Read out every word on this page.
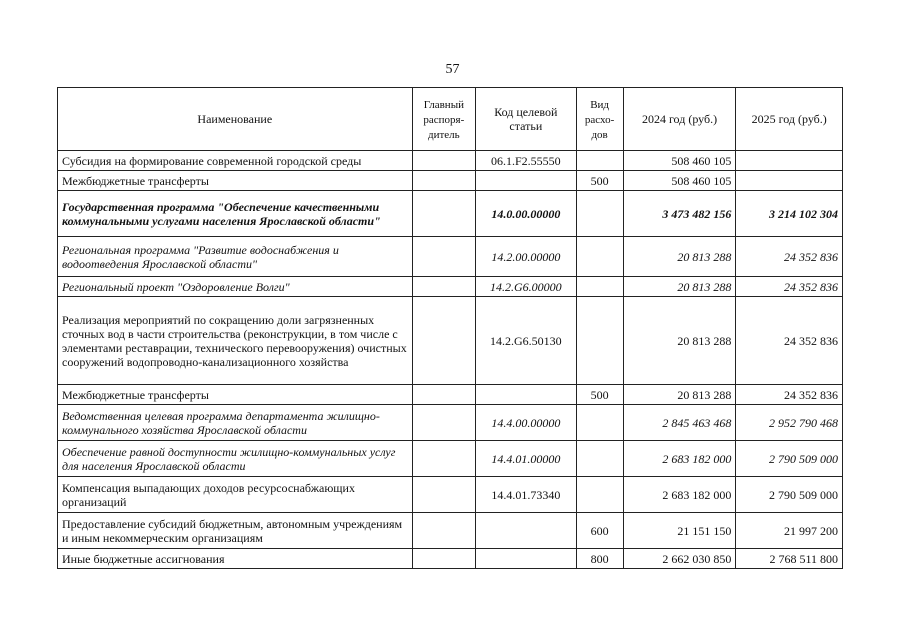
57
Наименование	Главный распоря-дитель	Код целевой статьи	Вид расхо-дов	2024 год (руб.)	2025 год (руб.)
Субсидия на формирование современной городской среды		06.1.F2.55550		508 460 105	
Межбюджетные трансферты			500	508 460 105	
Государственная программа "Обеспечение качественными коммунальными услугами населения Ярославской области"		14.0.00.00000		3 473 482 156	3 214 102 304
Региональная программа "Развитие водоснабжения и водоотведения Ярославской области"		14.2.00.00000		20 813 288	24 352 836
Региональный проект "Оздоровление Волги"		14.2.G6.00000		20 813 288	24 352 836
Реализация мероприятий по сокращению доли загрязненных сточных вод в части строительства (реконструкции, в том числе с элементами реставрации, технического перевооружения) очистных сооружений водопроводно-канализационного хозяйства		14.2.G6.50130		20 813 288	24 352 836
Межбюджетные трансферты			500	20 813 288	24 352 836
Ведомственная целевая программа департамента жилищно-коммунального хозяйства Ярославской области		14.4.00.00000		2 845 463 468	2 952 790 468
Обеспечение равной доступности жилищно-коммунальных услуг для населения Ярославской области		14.4.01.00000		2 683 182 000	2 790 509 000
Компенсация выпадающих доходов ресурсоснабжающих организаций		14.4.01.73340		2 683 182 000	2 790 509 000
Предоставление субсидий бюджетным, автономным учреждениям и иным некоммерческим организациям			600	21 151 150	21 997 200
Иные бюджетные ассигнования			800	2 662 030 850	2 768 511 800
